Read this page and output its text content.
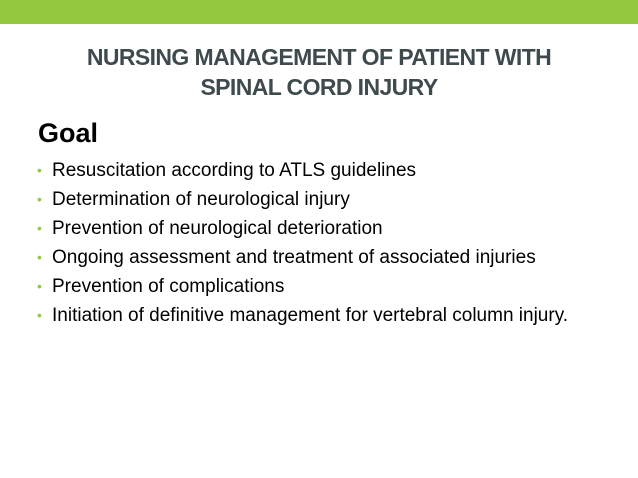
NURSING MANAGEMENT OF PATIENT WITH
SPINAL CORD INJURY
Goal
• Resuscitation according to ATLS guidelines
• Determination of neurological injury
• Prevention of neurological deterioration
• Ongoing assessment and treatment of associated injuries
• Prevention of complications
• Initiation of definitive management for vertebral column injury.
